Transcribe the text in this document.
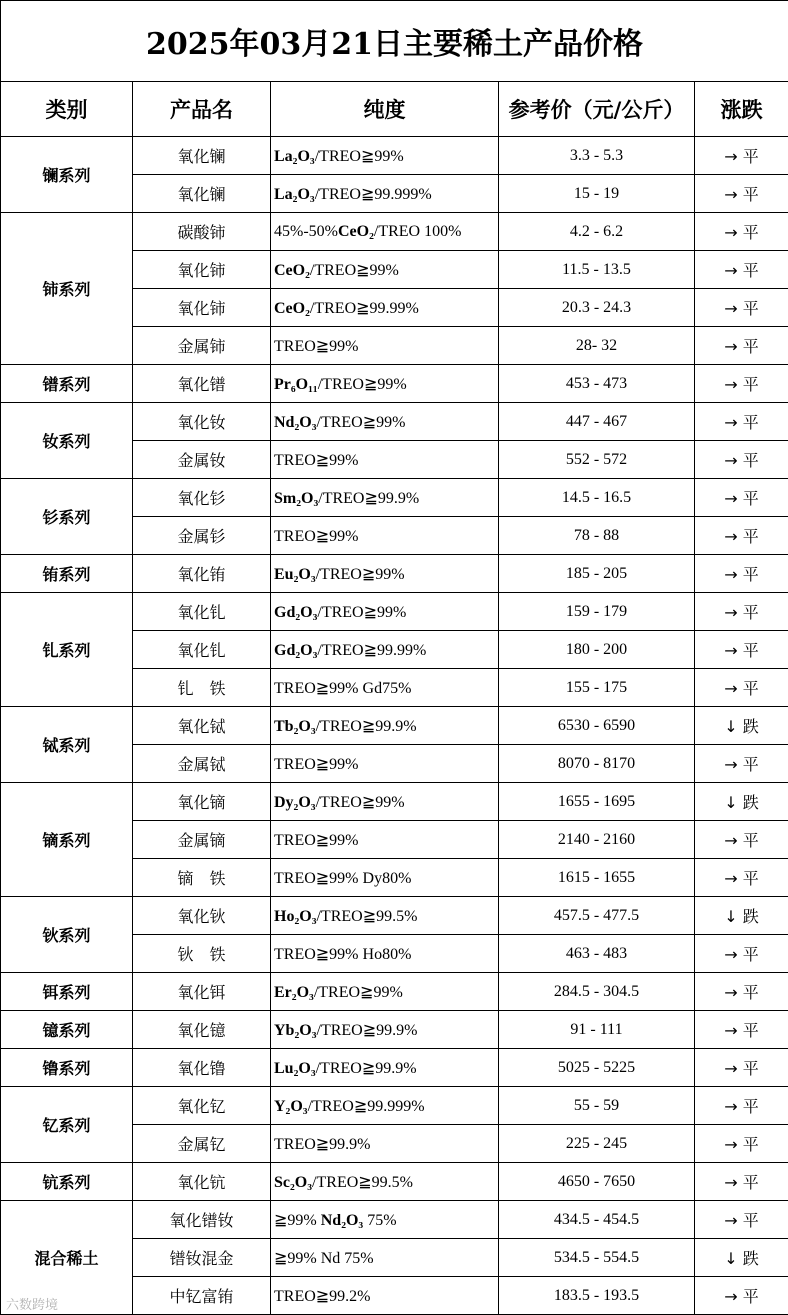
2025年03月21日主要稀土产品价格				
类别	产品名	纯度	参考价（元/公斤）	涨跌
镧系列	氧化镧	La₂O₃/TREO≧99%	3.3 - 5.3	→ 平
	氧化镧	La₂O₃/TREO≧99.999%	15 - 19	→ 平
铈系列	碳酸铈	45%-50%CeO₂/TREO 100%	4.2 - 6.2	→ 平
	氧化铈	CeO₂/TREO≧99%	11.5 - 13.5	→ 平
	氧化铈	CeO₂/TREO≧99.99%	20.3 - 24.3	→ 平
	金属铈	TREO≧99%	28- 32	→ 平
镨系列	氧化镨	Pr₆O₁₁/TREO≧99%	453 - 473	→ 平
钕系列	氧化钕	Nd₂O₃/TREO≧99%	447 - 467	→ 平
	金属钕	TREO≧99%	552 - 572	→ 平
钐系列	氧化钐	Sm₂O₃/TREO≧99.9%	14.5 - 16.5	→ 平
	金属钐	TREO≧99%	78 - 88	→ 平
铕系列	氧化铕	Eu₂O₃/TREO≧99%	185 - 205	→ 平
钆系列	氧化钆	Gd₂O₃/TREO≧99%	159 - 179	→ 平
	氧化钆	Gd₂O₃/TREO≧99.99%	180 - 200	→ 平
	钆　铁	TREO≧99% Gd75%	155 - 175	→ 平
铽系列	氧化铽	Tb₂O₃/TREO≧99.9%	6530 - 6590	↓ 跌
	金属铽	TREO≧99%	8070 - 8170	→ 平
镝系列	氧化镝	Dy₂O₃/TREO≧99%	1655 - 1695	↓ 跌
	金属镝	TREO≧99%	2140 - 2160	→ 平
	镝　铁	TREO≧99% Dy80%	1615 - 1655	→ 平
钬系列	氧化钬	Ho₂O₃/TREO≧99.5%	457.5 - 477.5	↓ 跌
	钬　铁	TREO≧99% Ho80%	463 - 483	→ 平
铒系列	氧化铒	Er₂O₃/TREO≧99%	284.5 - 304.5	→ 平
镱系列	氧化镱	Yb₂O₃/TREO≧99.9%	91 - 111	→ 平
镥系列	氧化镥	Lu₂O₃/TREO≧99.9%	5025 - 5225	→ 平
钇系列	氧化钇	Y₂O₃/TREO≧99.999%	55 - 59	→ 平
	金属钇	TREO≧99.9%	225 - 245	→ 平
钪系列	氧化钪	Sc₂O₃/TREO≧99.5%	4650 - 7650	→ 平
混合稀土	氧化镨钕	≧99% Nd₂O₃ 75%	434.5 - 454.5	→ 平
	镨钕混金	≧99% Nd 75%	534.5 - 554.5	↓ 跌
	中钇富铕	TREO≧99.2%	183.5 - 193.5	→ 平
六数跨境
